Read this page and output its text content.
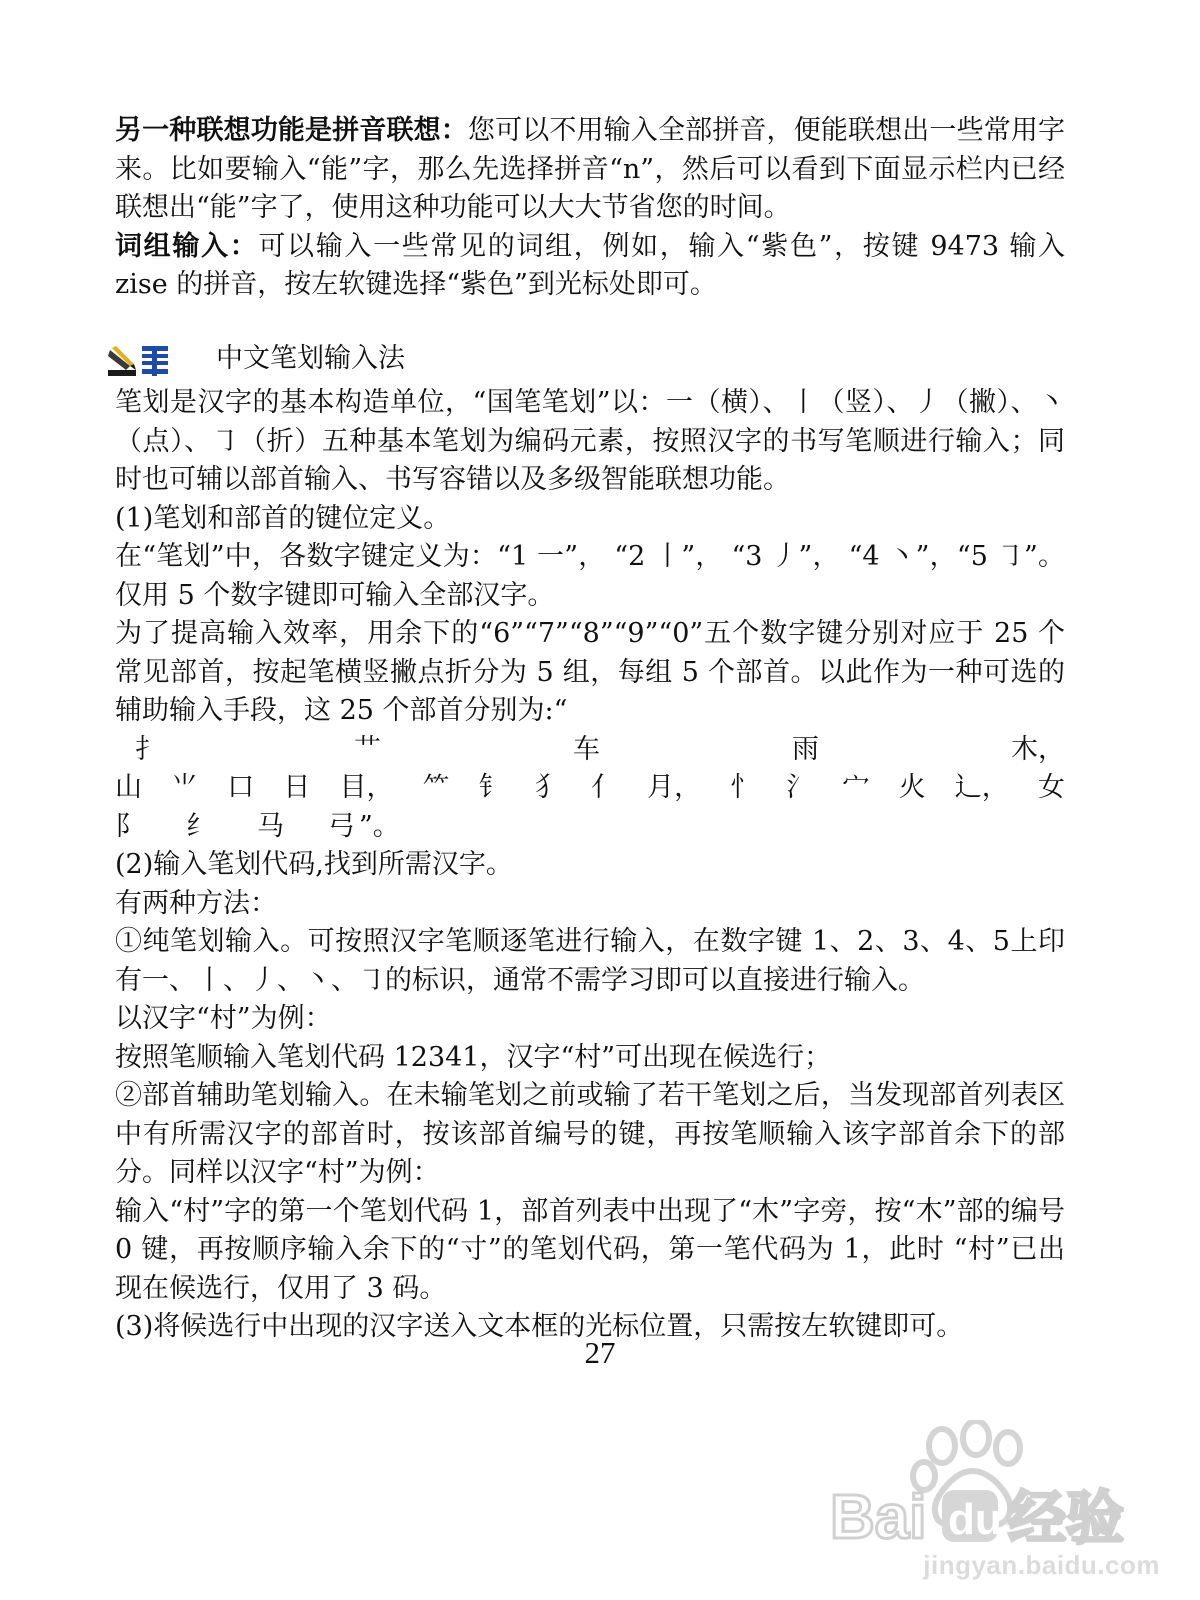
另一种联想功能是拼音联想：您可以不用输入全部拼音，便能联想出一些常用字来。比如要输入“能”字，那么先选择拼音“n”，然后可以看到下面显示栏内已经联想出“能”字了，使用这种功能可以大大节省您的时间。

词组输入：可以输入一些常见的词组，例如，输入“紫色”，按键 9473 输入 zise 的拼音，按左软键选择“紫色”到光标处即可。

中文笔划输入法

笔划是汉字的基本构造单位，“国笔笔划”以：一（横）、丨（竖）、丿（撇）、丶（点）、㇆（折）五种基本笔划为编码元素，按照汉字的书写笔顺进行输入；同时也可辅以部首输入、书写容错以及多级智能联想功能。

(1)笔划和部首的键位定义。

在“笔划”中，各数字键定义为：“1 一”， “2 丨”， “3 丿”， “4 丶”，“5 ㇆”。仅用 5 个数字键即可输入全部汉字。

为了提高输入效率，用余下的“6”“7”“8”“9”“0”五个数字键分别对应于 25 个常见部首，按起笔横竖撇点折分为 5 组，每组 5 个部首。以此作为一种可选的辅助输入手段，这 25 个部首分别为:“

扌	艹	车	雨	木，
山 ⺌ 口 日 目， ⺮ 钅 犭 亻 月， 忄 氵 宀 火 辶， 女
阝 纟 马 弓 ”。

(2)输入笔划代码,找到所需汉字。

有两种方法：

①纯笔划输入。可按照汉字笔顺逐笔进行输入，在数字键 1、2、3、4、5上印有一、丨、丿、丶、㇆的标识，通常不需学习即可以直接进行输入。

以汉字“村”为例：

按照笔顺输入笔划代码 12341，汉字“村”可出现在候选行；

②部首辅助笔划输入。在未输笔划之前或输了若干笔划之后，当发现部首列表区中有所需汉字的部首时，按该部首编号的键，再按笔顺输入该字部首余下的部分。同样以汉字“村”为例：

输入“村”字的第一个笔划代码 1，部首列表中出现了“木”字旁，按“木”部的编号 0 键，再按顺序输入余下的“寸”的笔划代码，第一笔代码为 1，此时 “村”已出现在候选行，仅用了 3 码。

(3)将候选行中出现的汉字送入文本框的光标位置，只需按左软键即可。

27
Bai du 经验
jingyan.baidu.com
